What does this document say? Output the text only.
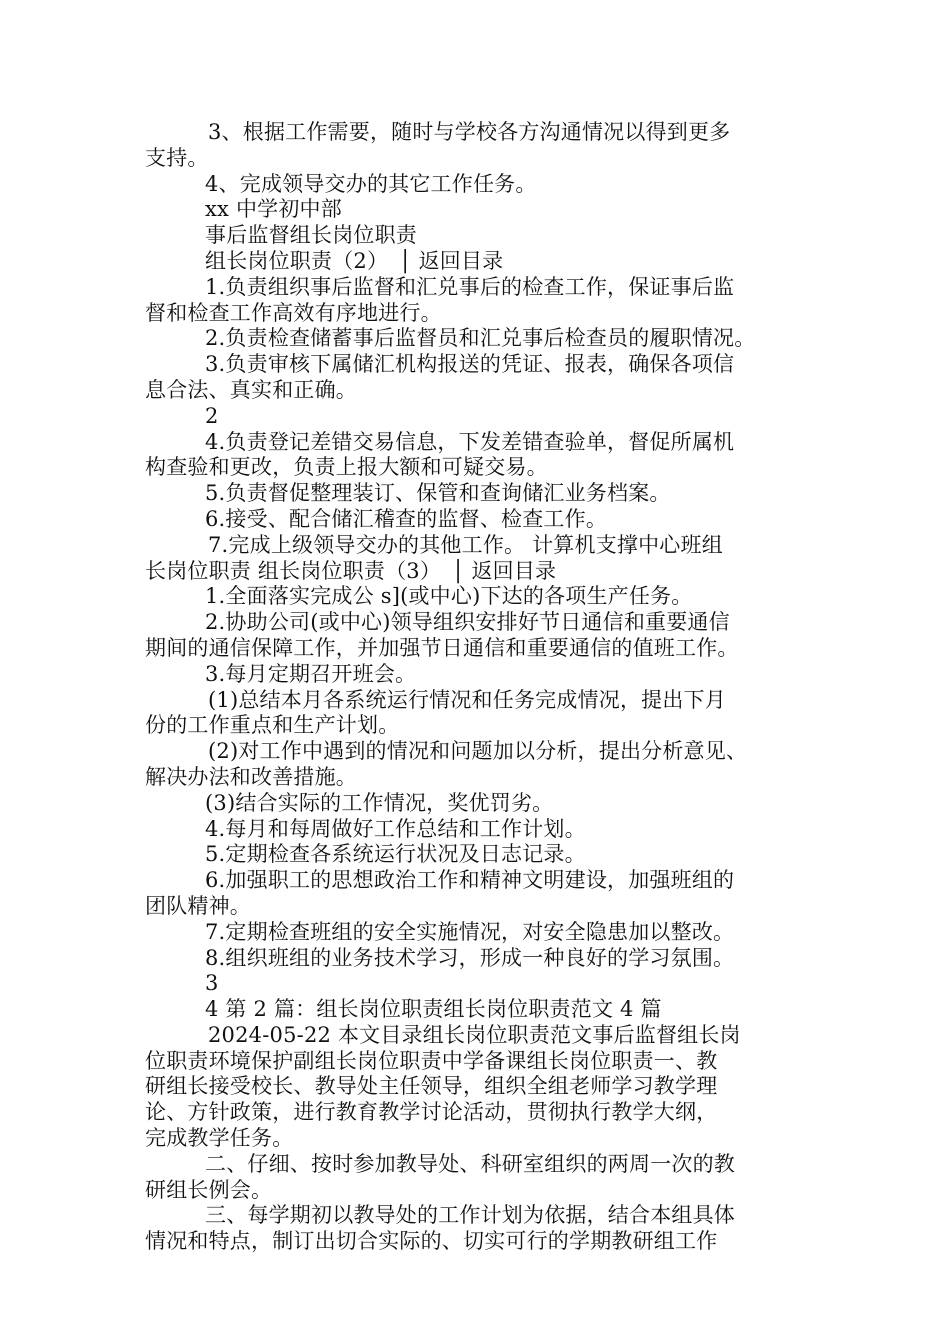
3、根据工作需要，随时与学校各方沟通情况以得到更多
支持。
4、完成领导交办的其它工作任务。
xx 中学初中部
事后监督组长岗位职责
组长岗位职责（2）　│ 返回目录
1.负责组织事后监督和汇兑事后的检查工作，保证事后监
督和检查工作高效有序地进行。
2.负责检查储蓄事后监督员和汇兑事后检查员的履职情况。
3.负责审核下属储汇机构报送的凭证、报表，确保各项信
息合法、真实和正确。
2
4.负责登记差错交易信息，下发差错查验单，督促所属机
构查验和更改，负责上报大额和可疑交易。
5.负责督促整理装订、保管和查询储汇业务档案。
6.接受、配合储汇稽查的监督、检查工作。
7.完成上级领导交办的其他工作。 计算机支撑中心班组
长岗位职责 组长岗位职责（3）　│ 返回目录
1.全面落实完成公 s](或中心)下达的各项生产任务。
2.协助公司(或中心)领导组织安排好节日通信和重要通信
期间的通信保障工作，并加强节日通信和重要通信的值班工作。
3.每月定期召开班会。
(1)总结本月各系统运行情况和任务完成情况，提出下月
份的工作重点和生产计划。
(2)对工作中遇到的情况和问题加以分析，提出分析意见、
解决办法和改善措施。
(3)结合实际的工作情况，奖优罚劣。
4.每月和每周做好工作总结和工作计划。
5.定期检查各系统运行状况及日志记录。
6.加强职工的思想政治工作和精神文明建设，加强班组的
团队精神。
7.定期检查班组的安全实施情况，对安全隐患加以整改。
8.组织班组的业务技术学习，形成一种良好的学习氛围。
3
4 第 2 篇：组长岗位职责组长岗位职责范文 4 篇
2024-05-22 本文目录组长岗位职责范文事后监督组长岗
位职责环境保护副组长岗位职责中学备课组长岗位职责一、教
研组长接受校长、教导处主任领导，组织全组老师学习教学理
论、方针政策，进行教育教学讨论活动，贯彻执行教学大纲，
完成教学任务。
二、仔细、按时参加教导处、科研室组织的两周一次的教
研组长例会。
三、每学期初以教导处的工作计划为依据，结合本组具体
情况和特点，制订出切合实际的、切实可行的学期教研组工作
